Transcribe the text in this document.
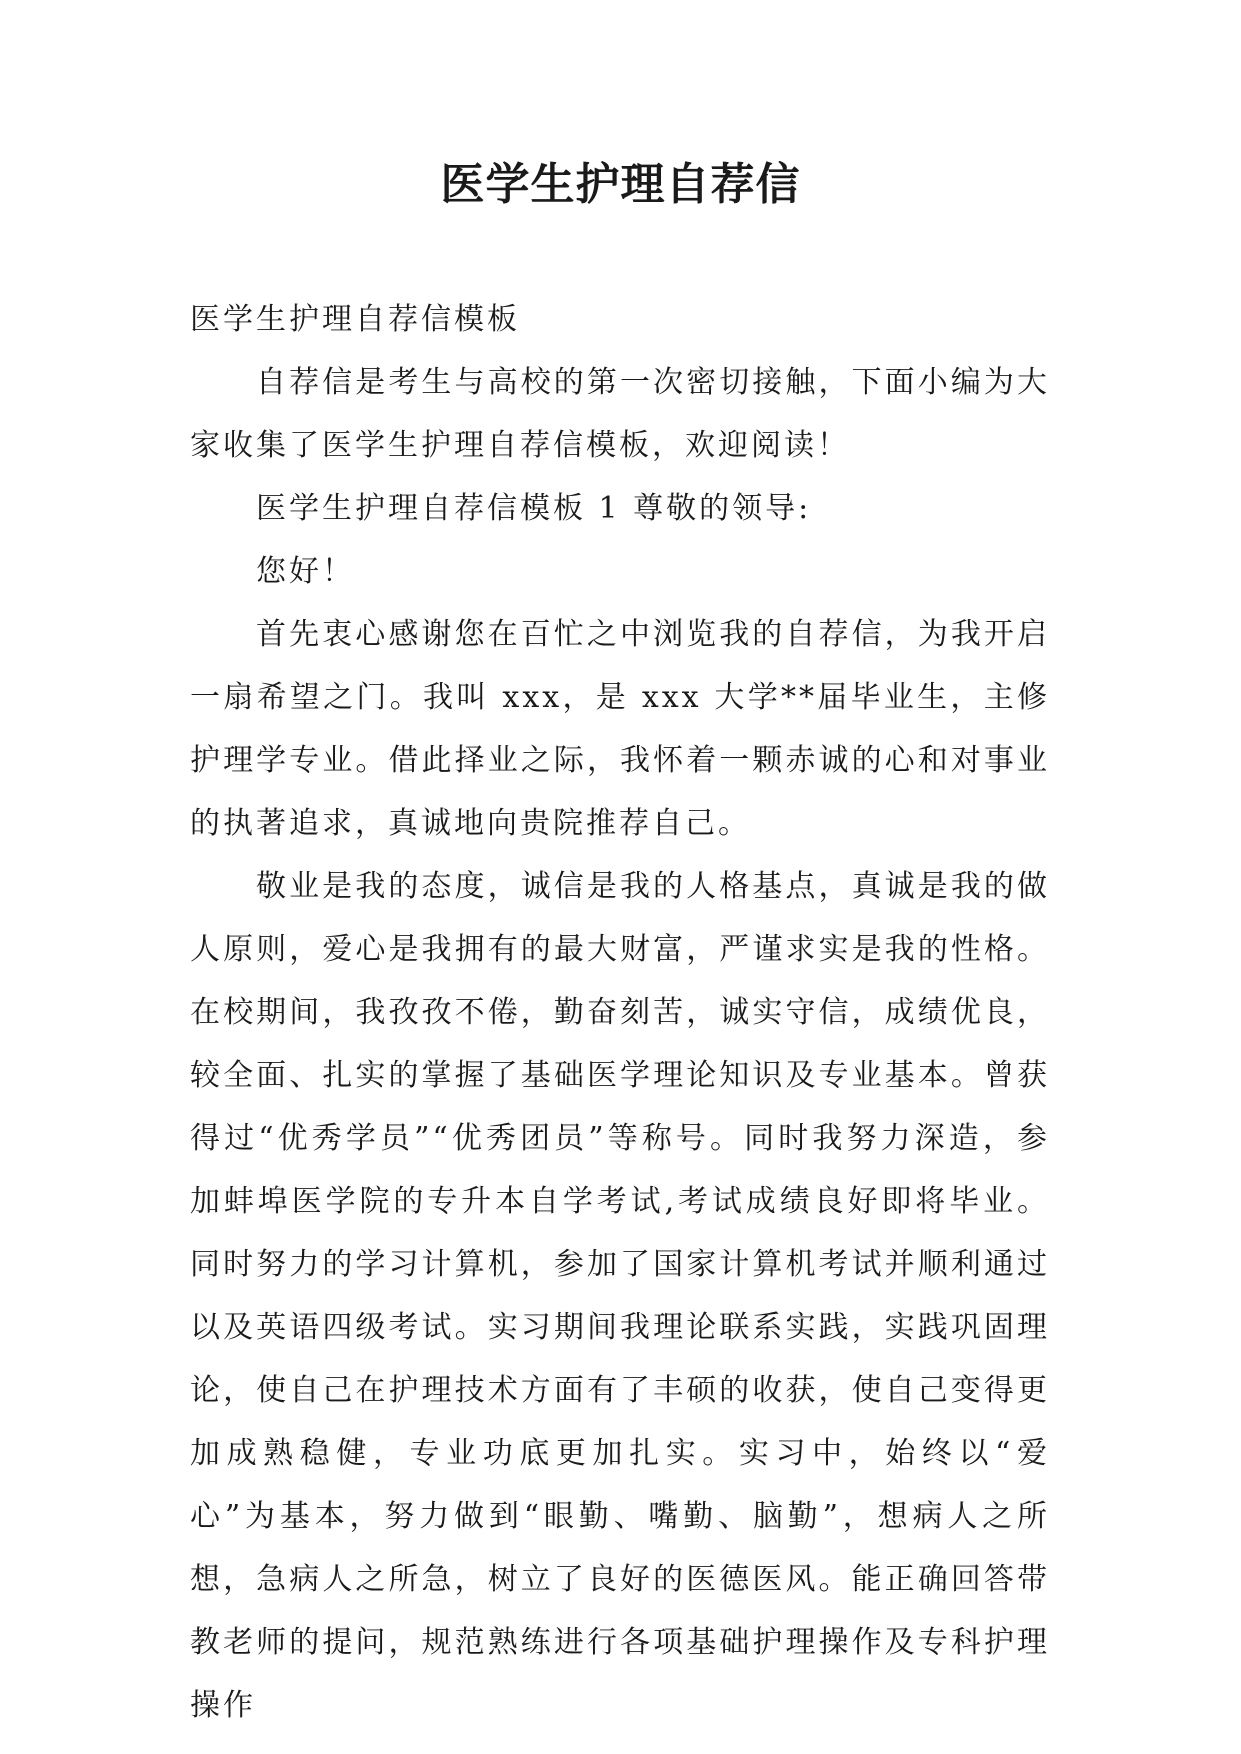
医学生护理自荐信

医学生护理自荐信模板

自荐信是考生与高校的第一次密切接触，下面小编为大家收集了医学生护理自荐信模板，欢迎阅读！

医学生护理自荐信模板 1 尊敬的领导:

您好！

首先衷心感谢您在百忙之中浏览我的自荐信，为我开启一扇希望之门。我叫 xxx，是 xxx 大学**届毕业生，主修护理学专业。借此择业之际，我怀着一颗赤诚的心和对事业的执著追求，真诚地向贵院推荐自己。

敬业是我的态度，诚信是我的人格基点，真诚是我的做人原则，爱心是我拥有的最大财富，严谨求实是我的性格。在校期间，我孜孜不倦，勤奋刻苦，诚实守信，成绩优良，较全面、扎实的掌握了基础医学理论知识及专业基本。曾获得过“优秀学员”“优秀团员”等称号。同时我努力深造，参加蚌埠医学院的专升本自学考试,考试成绩良好即将毕业。同时努力的学习计算机，参加了国家计算机考试并顺利通过以及英语四级考试。实习期间我理论联系实践，实践巩固理论，使自己在护理技术方面有了丰硕的收获，使自己变得更加成熟稳健，专业功底更加扎实。实习中，始终以“爱心”为基本，努力做到“眼勤、嘴勤、脑勤”，想病人之所想，急病人之所急，树立了良好的医德医风。能正确回答带教老师的提问，规范熟练进行各项基础护理操作及专科护理操作
